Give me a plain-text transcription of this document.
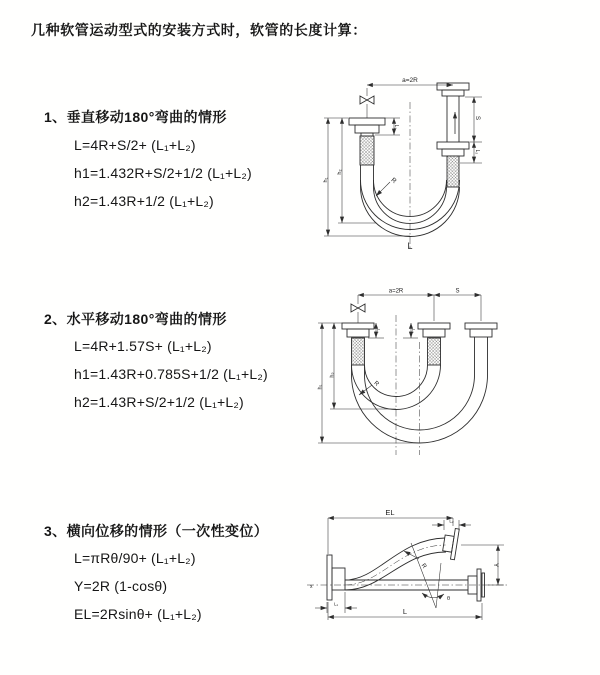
几种软管运动型式的安装方式时，软管的长度计算：
1、垂直移动180°弯曲的情形
L=4R+S/2+ (L₁+L₂)
h1=1.432R+S/2+1/2 (L₁+L₂)
h2=1.43R+1/2 (L₁+L₂)
2、水平移动180°弯曲的情形
L=4R+1.57S+ (L₁+L₂)
h1=1.43R+0.785S+1/2 (L₁+L₂)
h2=1.43R+S/2+1/2 (L₁+L₂)
3、横向位移的情形（一次性变位）
L=πRθ/90+ (L₁+L₂)
Y=2R (1-cosθ)
EL=2Rsinθ+ (L₁+L₂)
a=2R
L₁
S
L₂
h₁
h₂
R
L
a=2R	S
L₁	L₂
h₁
h₂
R
EL
L₂
L₁
L
Y
R
θ
x
